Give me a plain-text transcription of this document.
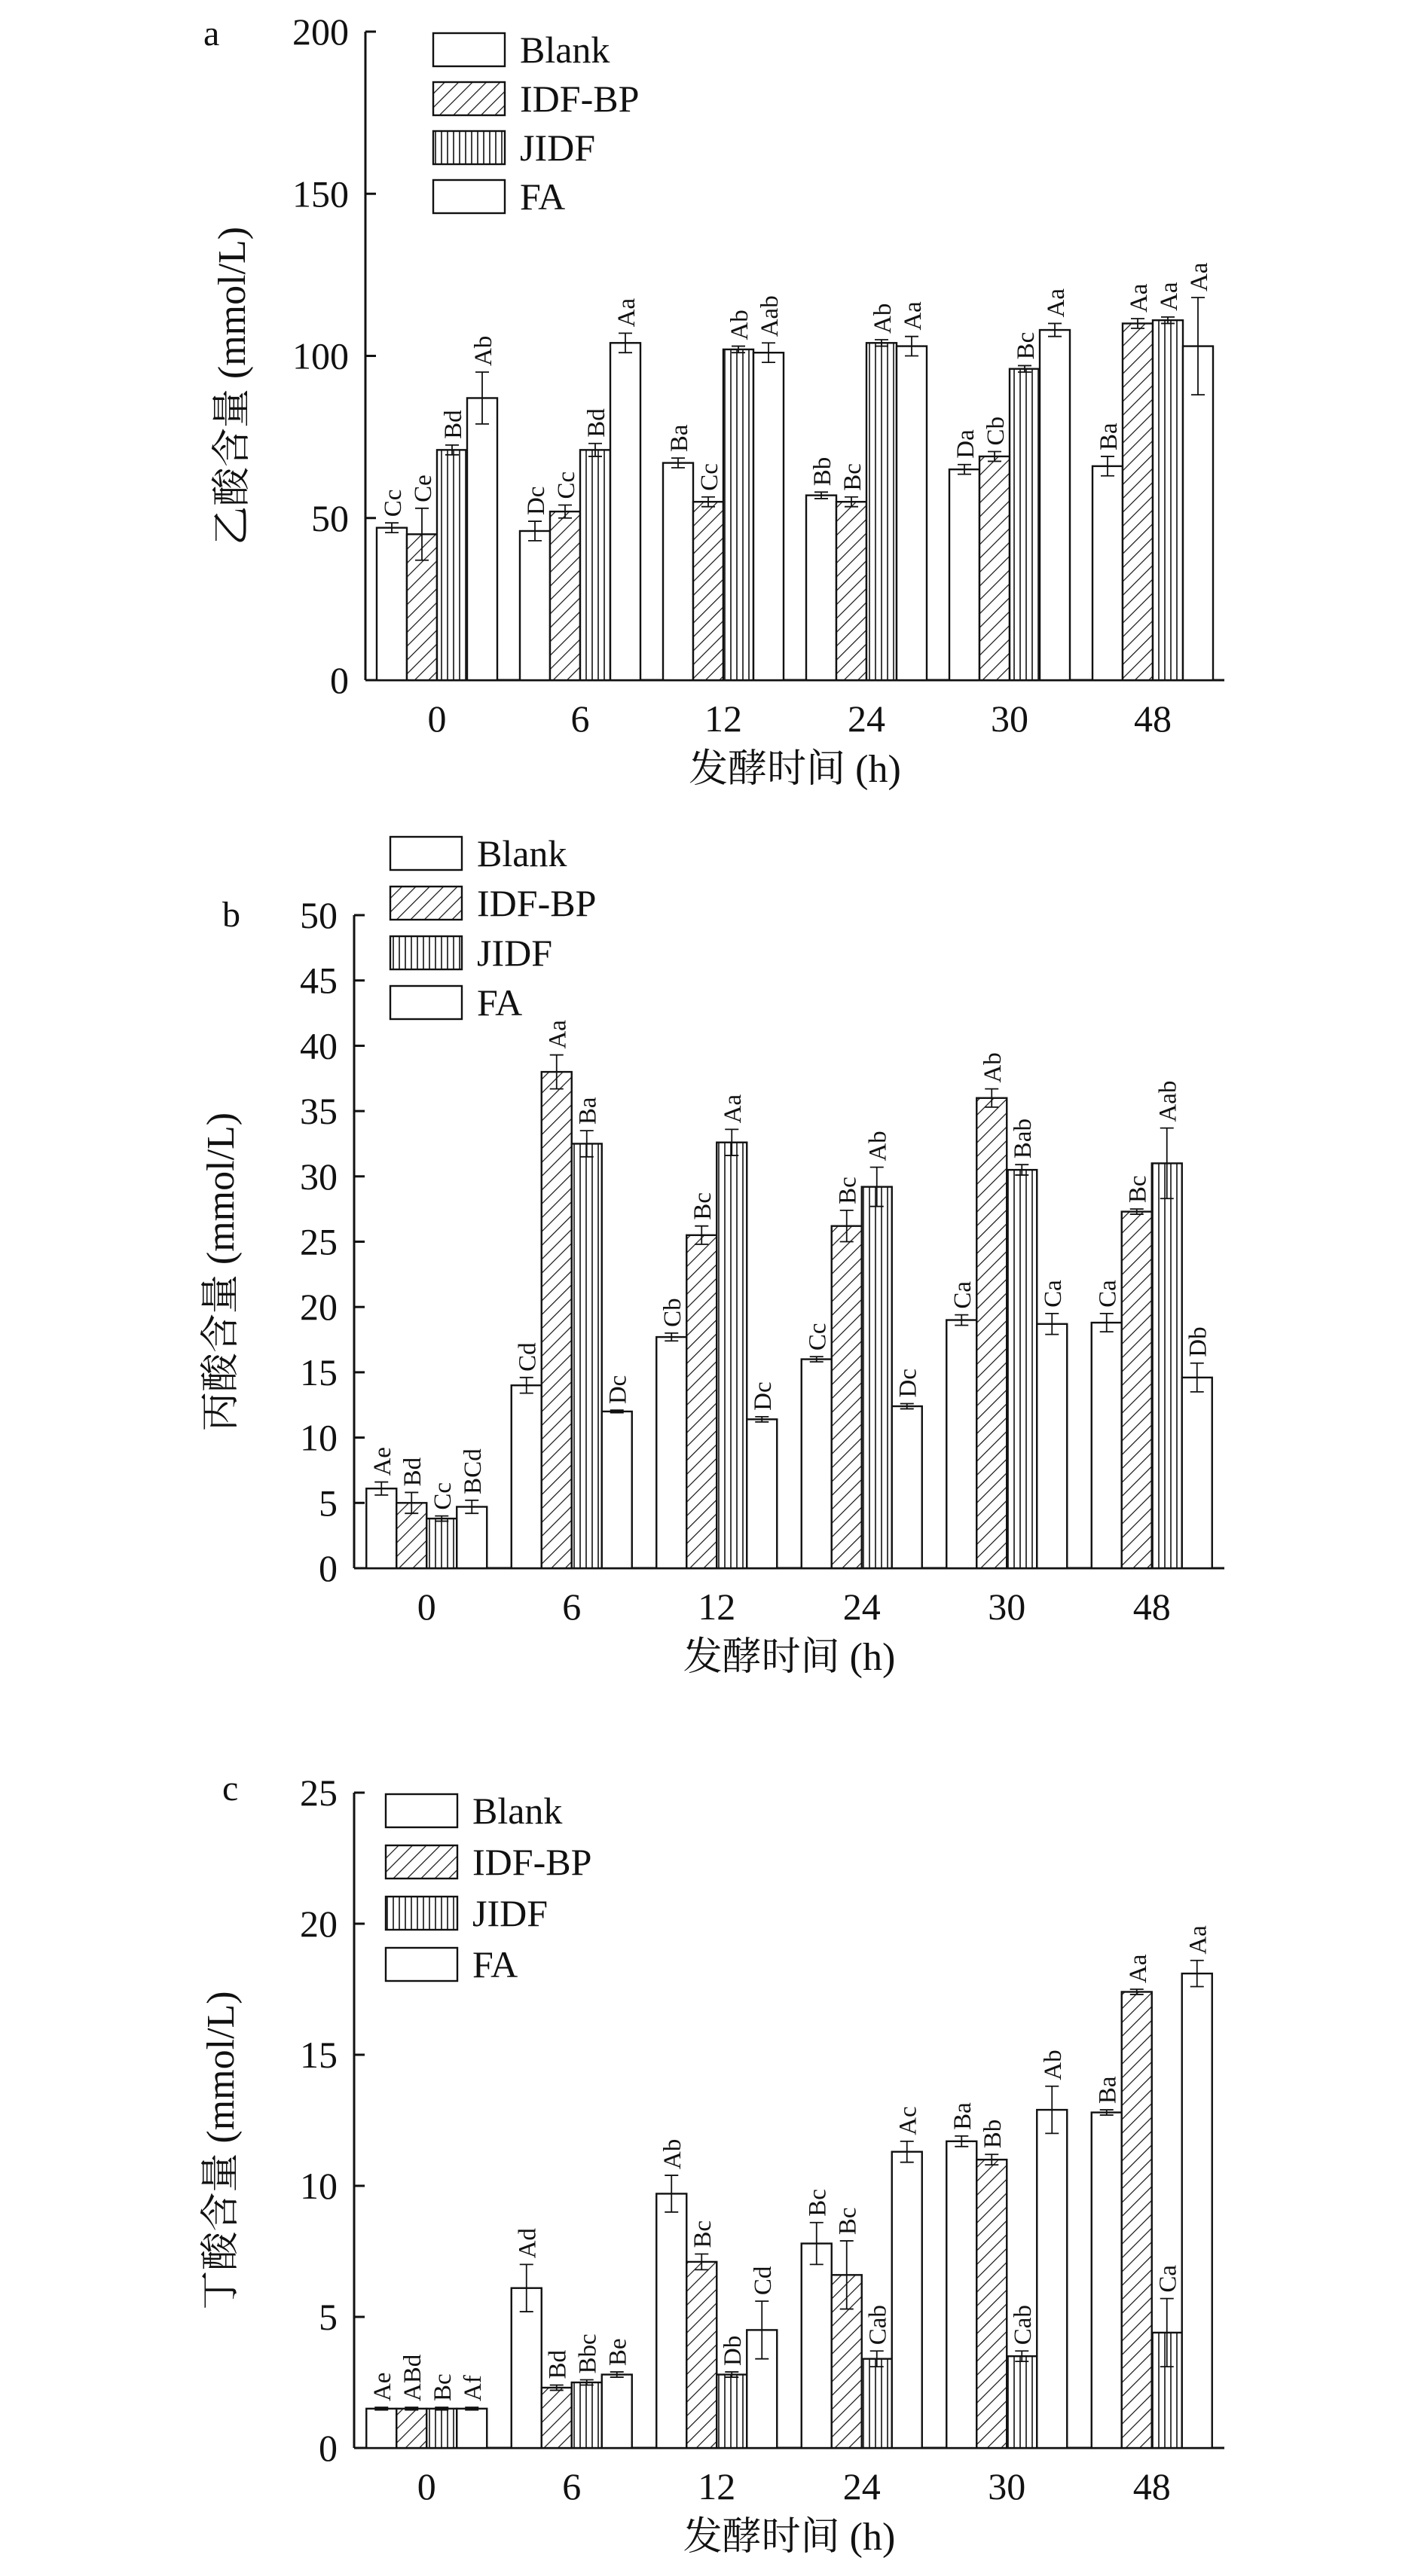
0
50
100
150
200
0
Cc
Ce
Bd
Ab
6
Dc
Cc
Bd
Aa
12
Ba
Cc
Ab Aab
24
Bb Bc
Ab Aa
30
Da Cb
Bc
Aa
48
Ba
Aa Aa
Aa
发酵时间 (h)
乙酸含量 (mmol/L)
a	Blank
IDF-BP
JIDF
FA
0
5
10
15
20
25
30
35
40
45
50
0
Ae Bd
Cc
BCd
6
Cd
Aa
Ba
Dc
12
Cb
Bc
Aa
Dc
24
Cc
Bc
Ab
Dc
30
Ca
Ab
Bab
Ca
48
Ca
Bc
Aab
Db
发酵时间 (h)
丙酸含量 (mmol/L)
b
Blank
IDF-BP
JIDF
FA
0
5
10
15
20
25
0
Ae ABd Bc Af
6
Ad
Bd Bbc Be
12
Ab
Bc
Db
Cd
24
Bc
Bc
Cab
Ac
30
Ba
Bb
Cab
Ab
48
Ba
Aa
Ca
Aa
发酵时间 (h)
丁酸含量 (mmol/L)
c
Blank
IDF-BP
JIDF
FA
